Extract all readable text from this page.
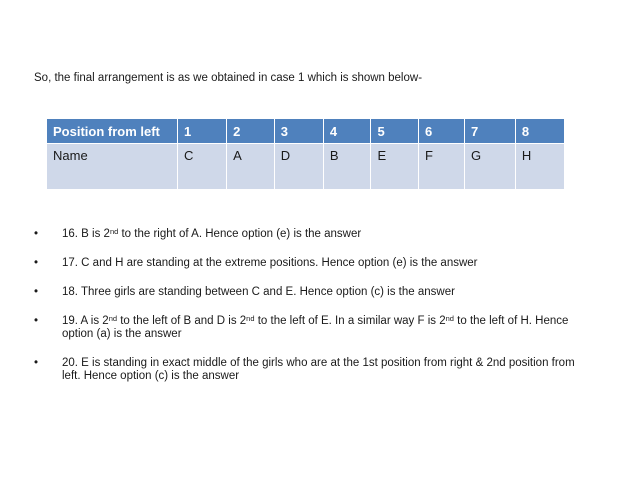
So, the final arrangement is as we obtained in case 1 which is shown below-
Position from left	1	2	3	4	5	6	7	8
Name	C	A	D	B	E	F	G	H
• 16. B is 2nd to the right of A. Hence option (e) is the answer
• 17. C and H are standing at the extreme positions. Hence option (e) is the answer
• 18. Three girls are standing between C and E. Hence option (c) is the answer
• 19. A is 2nd to the left of B and D is 2nd to the left of E. In a similar way F is 2nd to the left of H. Hence option (a) is the answer
• 20. E is standing in exact middle of the girls who are at the 1st position from right & 2nd position from left. Hence option (c) is the answer
